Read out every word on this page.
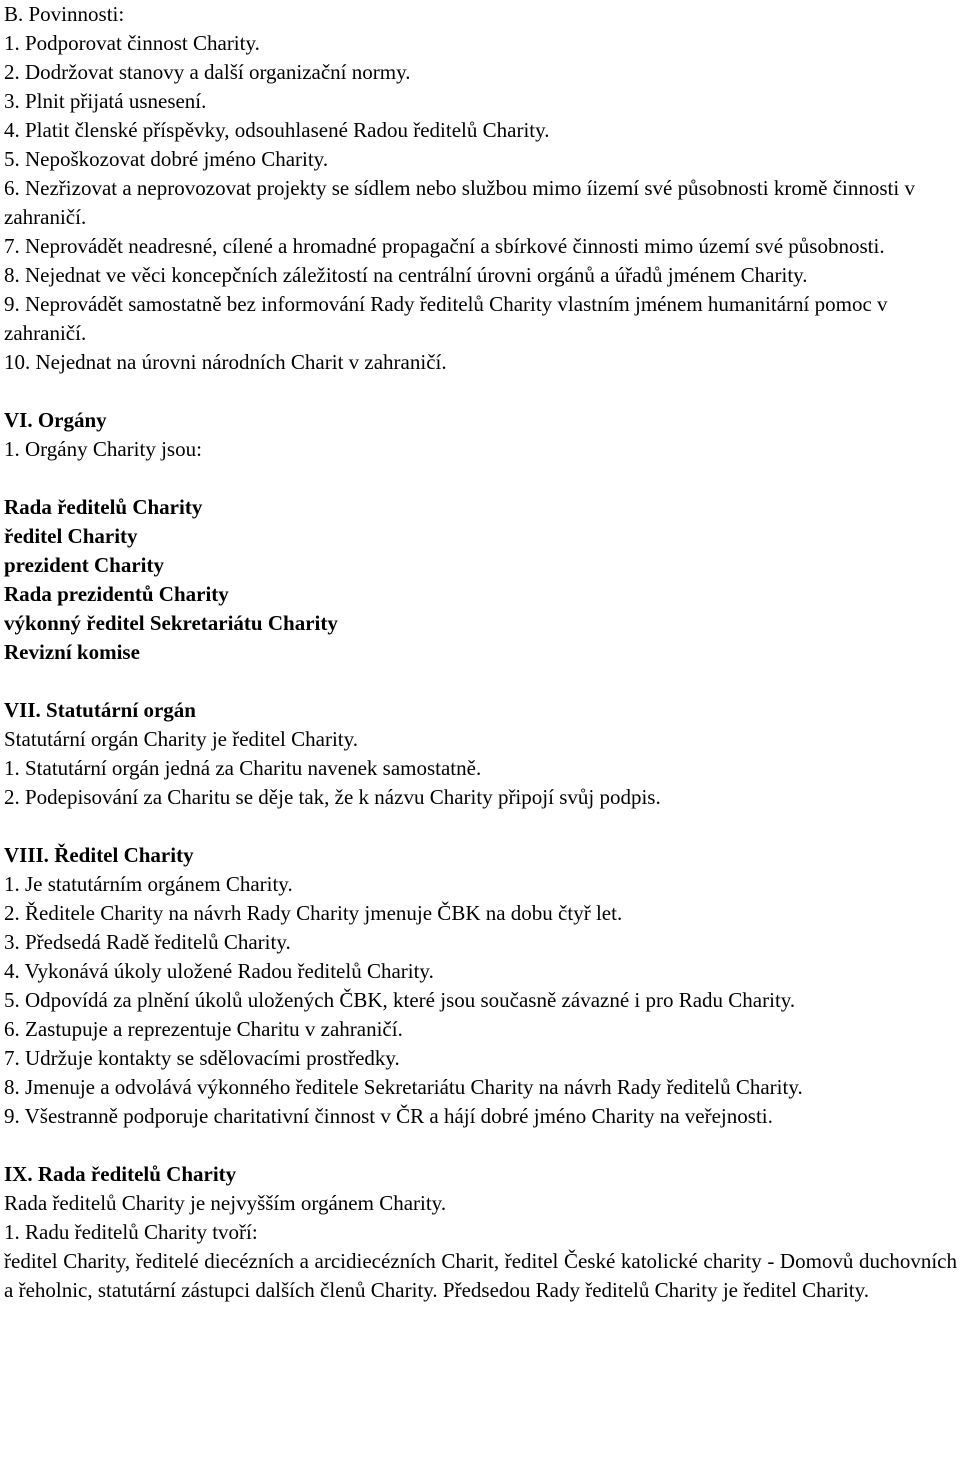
B. Povinnosti:

1. Podporovat činnost Charity.

2. Dodržovat stanovy a další organizační normy.

3. Plnit přijatá usnesení.

4. Platit členské příspěvky, odsouhlasené Radou ředitelů Charity.

5. Nepoškozovat dobré jméno Charity.

6. Nezřizovat a neprovozovat projekty se sídlem nebo službou mimo íizemí své působnosti kromě činnosti v zahraničí.

7. Neprovádět neadresné, cílené a hromadné propagační a sbírkové činnosti mimo území své působnosti.

8. Nejednat ve věci koncepčních záležitostí na centrální úrovni orgánů a úřadů jménem Charity.

9. Neprovádět samostatně bez informování Rady ředitelů Charity vlastním jménem humanitární pomoc v zahraničí.

10. Nejednat na úrovni národních Charit v zahraničí.

VI. Orgány

1. Orgány Charity jsou:

Rada ředitelů Charity

ředitel Charity

prezident Charity

Rada prezidentů Charity

výkonný ředitel Sekretariátu Charity

Revizní komise

VII. Statutární orgán

Statutární orgán Charity je ředitel Charity.

1. Statutární orgán jedná za Charitu navenek samostatně.

2. Podepisování za Charitu se děje tak, že k názvu Charity připojí svůj podpis.

VIII. Ředitel Charity

1. Je statutárním orgánem Charity.

2. Ředitele Charity na návrh Rady Charity jmenuje ČBK na dobu čtyř let.

3. Předsedá Radě ředitelů Charity.

4. Vykonává úkoly uložené Radou ředitelů Charity.

5. Odpovídá za plnění úkolů uložených ČBK, které jsou současně závazné i pro Radu Charity.

6. Zastupuje a reprezentuje Charitu v zahraničí.

7. Udržuje kontakty se sdělovacími prostředky.

8. Jmenuje a odvolává výkonného ředitele Sekretariátu Charity na návrh Rady ředitelů Charity.

9. Všestranně podporuje charitativní činnost v ČR a hájí dobré jméno Charity na veřejnosti.

IX. Rada ředitelů Charity

Rada ředitelů Charity je nejvyšším orgánem Charity.

1. Radu ředitelů Charity tvoří:

ředitel Charity, ředitelé diecézních a arcidiecézních Charit, ředitel České katolické charity - Domovů duchovních a řeholnic, statutární zástupci dalších členů Charity. Předsedou Rady ředitelů Charity je ředitel Charity.
